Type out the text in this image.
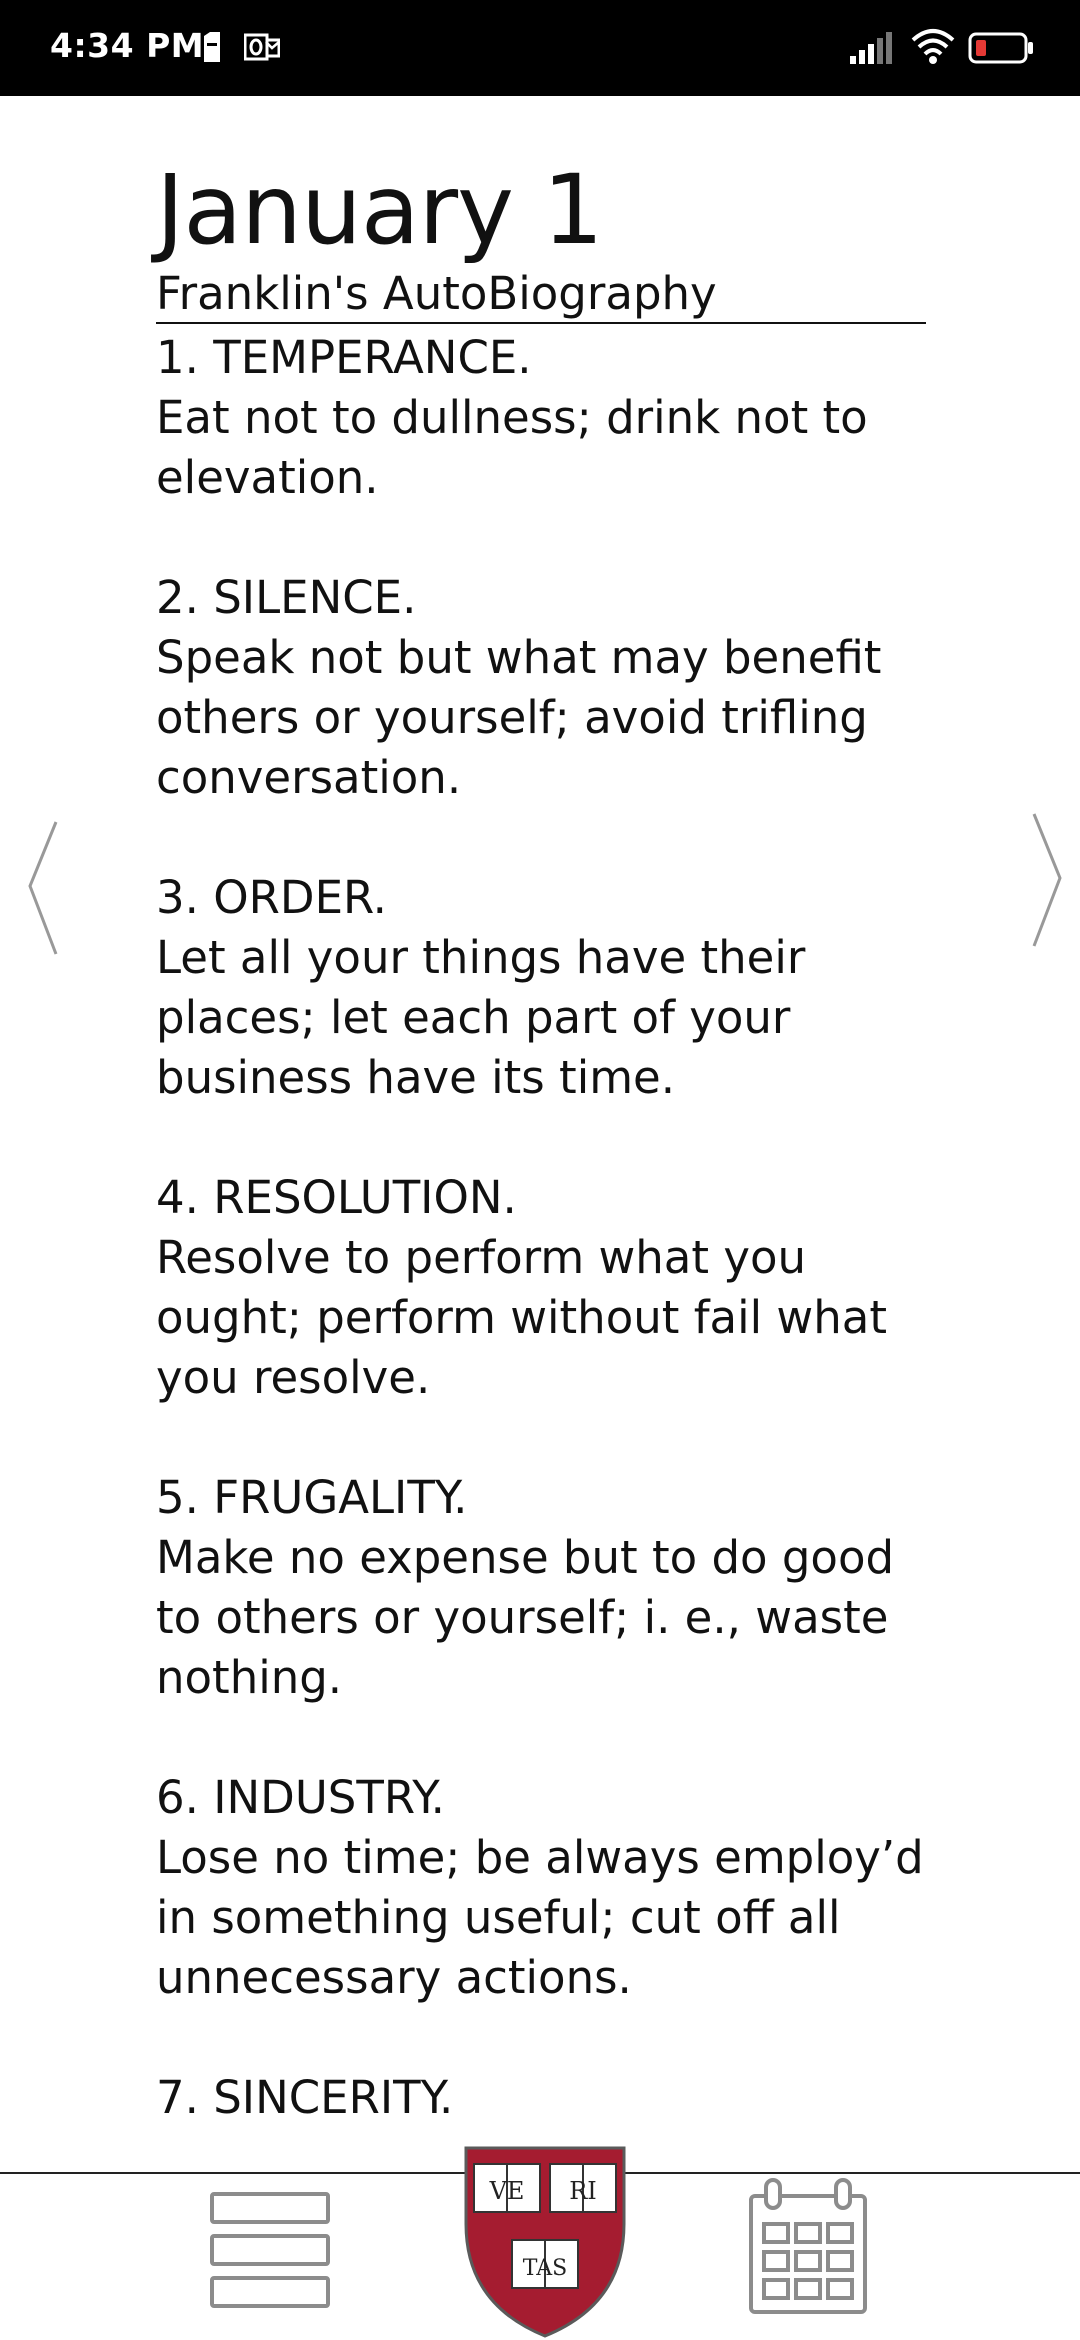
4:34 PM
January 1
Franklin's AutoBiography
1. TEMPERANCE.
Eat not to dullness; drink not to elevation.
2. SILENCE.
Speak not but what may benefit others or yourself; avoid trifling conversation.
3. ORDER.
Let all your things have their places; let each part of your business have its time.
4. RESOLUTION.
Resolve to perform what you ought; perform without fail what you resolve.
5. FRUGALITY.
Make no expense but to do good to others or yourself; i. e., waste nothing.
6. INDUSTRY.
Lose no time; be always employ’d in something useful; cut off all unnecessary actions.
7. SINCERITY.
VE RI
TAS
